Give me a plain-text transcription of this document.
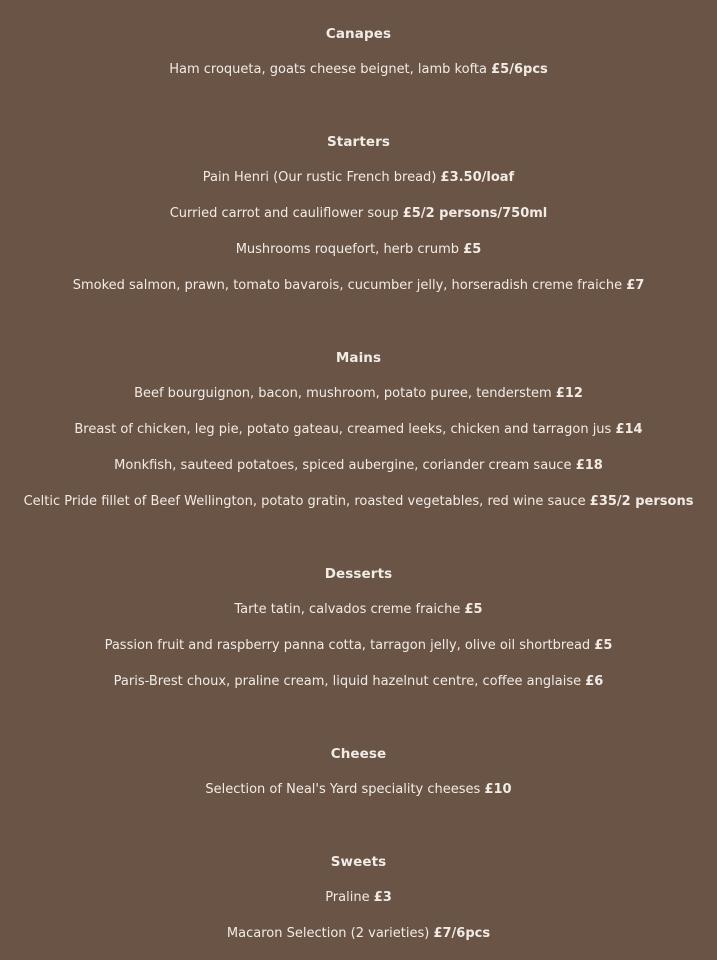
Canapes
Ham croqueta, goats cheese beignet, lamb kofta £5/6pcs
Starters
Pain Henri (Our rustic French bread) £3.50/loaf
Curried carrot and cauliflower soup £5/2 persons/750ml
Mushrooms roquefort, herb crumb £5
Smoked salmon, prawn, tomato bavarois, cucumber jelly, horseradish creme fraiche £7
Mains
Beef bourguignon, bacon, mushroom, potato puree, tenderstem £12
Breast of chicken, leg pie, potato gateau, creamed leeks, chicken and tarragon jus £14
Monkfish, sauteed potatoes, spiced aubergine, coriander cream sauce £18
Celtic Pride fillet of Beef Wellington, potato gratin, roasted vegetables, red wine sauce £35/2 persons
Desserts
Tarte tatin, calvados creme fraiche £5
Passion fruit and raspberry panna cotta, tarragon jelly, olive oil shortbread £5
Paris-Brest choux, praline cream, liquid hazelnut centre, coffee anglaise £6
Cheese
Selection of Neal's Yard speciality cheeses £10
Sweets
Praline £3
Macaron Selection (2 varieties) £7/6pcs
